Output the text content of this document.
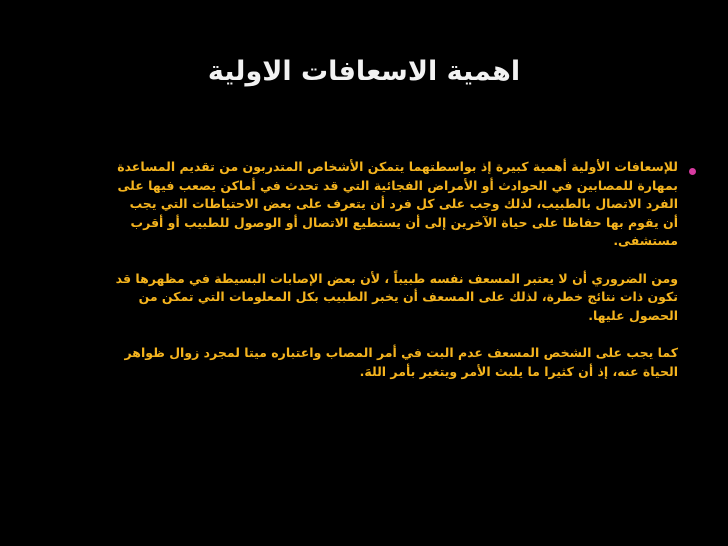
اهمية الاسعافات الاولية

للإسعافات الأولية أهمية كبيرة إذ بواسطتهما يتمكن الأشخاص المتدربون من تقديم المساعدة بمهارة للمصابين في الحوادث أو الأمراض الفجائية التي قد تحدث في أماكن يصعب فيها على الفرد الاتصال بالطبيب، لذلك وجب على كل فرد أن يتعرف على بعض الاحتياطات التي يجب أن يقوم بها حفاظا على حياة الآخرين إلى أن يستطيع الاتصال أو الوصول للطبيب أو أقرب مستشفى.

ومن الضروري أن لا يعتبر المسعف نفسه طبيباً ، لأن بعض الإصابات البسيطة في مظهرها قد تكون ذات نتائج خطرة، لذلك على المسعف أن يخبر الطبيب بكل المعلومات التي تمكن من الحصول عليها.

كما يجب على الشخص المسعف عدم البت في أمر المصاب واعتباره ميتا لمجرد زوال ظواهر الحياة عنه، إذ أن كثيرا ما يلبث الأمر ويتغير بأمر اللهَ.
